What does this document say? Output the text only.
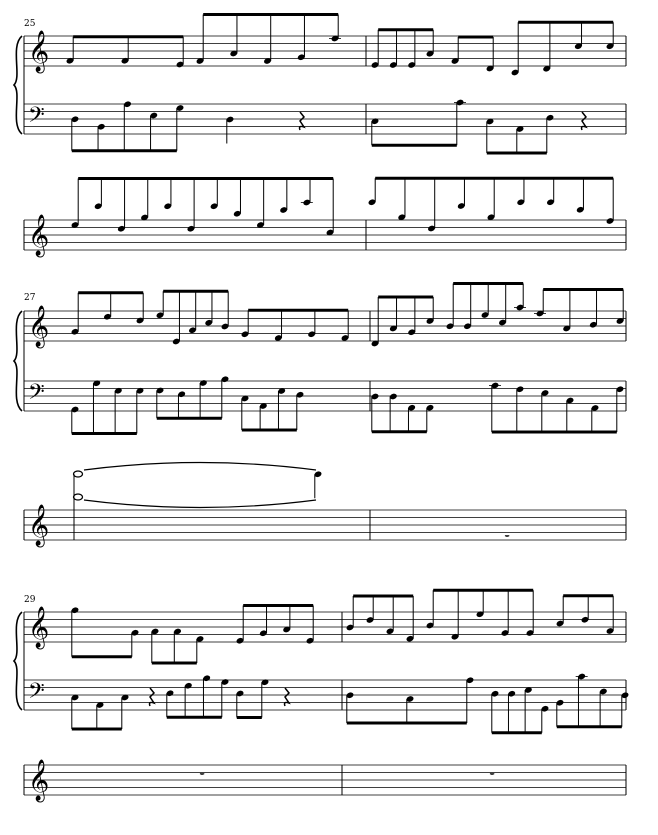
𝄞
𝄢
𝄞
𝄞
𝄢
𝄞
𝄞
𝄢
𝄞
25
27
29
𝄻
𝄻	𝄻
